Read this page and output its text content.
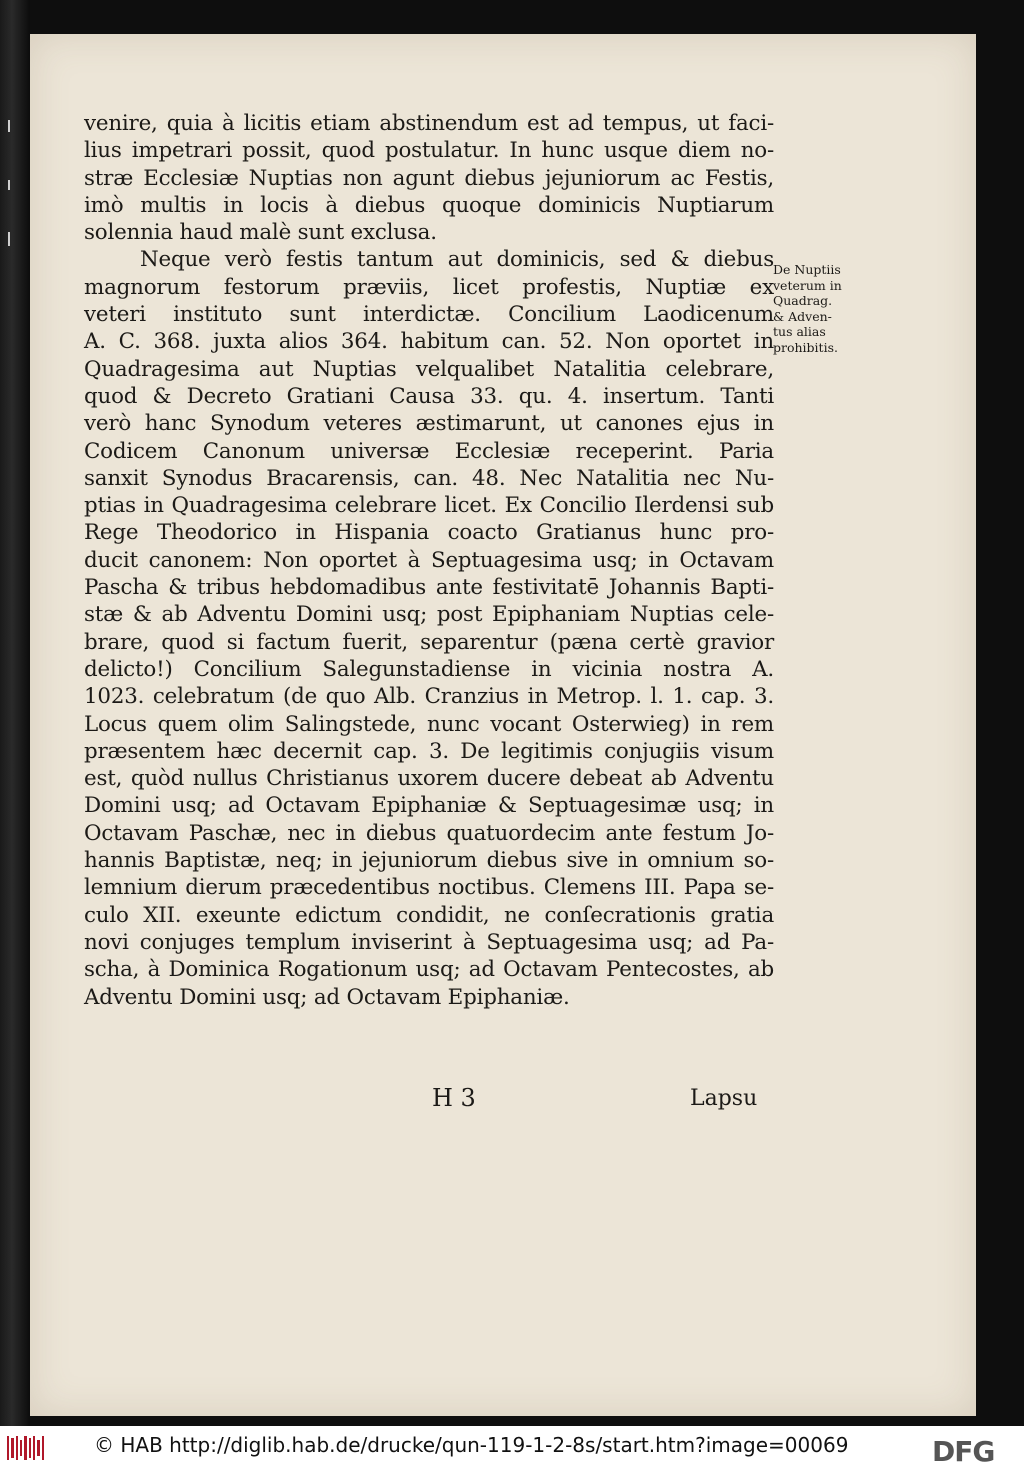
venire, quia à licitis etiam abstinendum est ad tempus, ut faci-
lius impetrari possit, quod postulatur. In hunc usque diem no-
stræ Ecclesiæ Nuptias non agunt diebus jejuniorum ac Festis,
imò multis in locis à diebus quoque dominicis Nuptiarum
solennia haud malè sunt exclusa.
Neque verò festis tantum aut dominicis, sed & diebus
magnorum festorum præviis, licet profestis, Nuptiæ ex
veteri instituto sunt interdictæ. Concilium Laodicenum
A. C. 368. juxta alios 364. habitum can. 52. Non oportet in
Quadragesima aut Nuptias velqualibet Natalitia celebrare,
quod & Decreto Gratiani Causa 33. qu. 4. insertum. Tanti
verò hanc Synodum veteres æstimarunt, ut canones ejus in
Codicem Canonum universæ Ecclesiæ receperint. Paria
sanxit Synodus Bracarensis, can. 48. Nec Natalitia nec Nu-
ptias in Quadragesima celebrare licet. Ex Concilio Ilerdensi sub
Rege Theodorico in Hispania coacto Gratianus hunc pro-
ducit canonem: Non oportet à Septuagesima usq; in Octavam
Pascha & tribus hebdomadibus ante festivitatē Johannis Bapti-
stæ & ab Adventu Domini usq; post Epiphaniam Nuptias cele-
brare, quod si factum fuerit, separentur (pæna certè gravior
delicto!) Concilium Salegunstadiense in vicinia nostra A.
1023. celebratum (de quo Alb. Cranzius in Metrop. l. 1. cap. 3.
Locus quem olim Salingstede, nunc vocant Osterwieg) in rem
præsentem hæc decernit cap. 3. De legitimis conjugiis visum
est, quòd nullus Christianus uxorem ducere debeat ab Adventu
Domini usq; ad Octavam Epiphaniæ & Septuagesimæ usq; in
Octavam Paschæ, nec in diebus quatuordecim ante festum Jo-
hannis Baptistæ, neq; in jejuniorum diebus sive in omnium so-
lemnium dierum præcedentibus noctibus. Clemens III. Papa se-
culo XII. exeunte edictum condidit, ne conſecrationis gratia
novi conjuges templum inviserint à Septuagesima usq; ad Pa-
scha, à Dominica Rogationum usq; ad Octavam Pentecostes, ab
Adventu Domini usq; ad Octavam Epiphaniæ.
De Nuptiis
veterum in
Quadrag.
& Adven-
tus alias
prohibitis.
H 3	Lapsu
© HAB http://diglib.hab.de/drucke/qun-119-1-2-8s/start.htm?image=00069	DFG
